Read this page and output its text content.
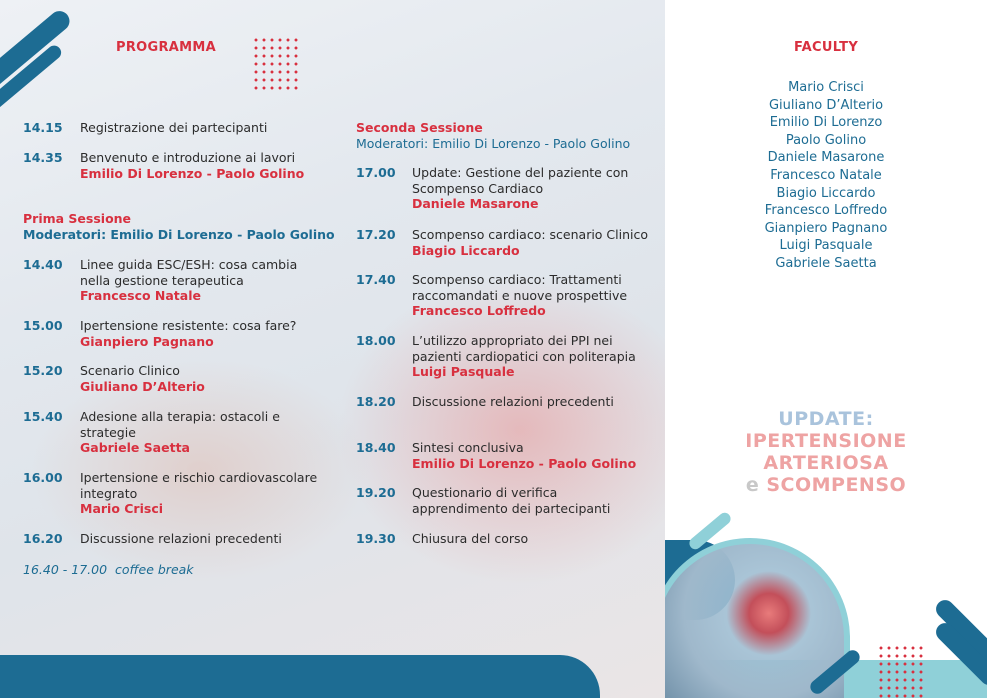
PROGRAMMA
14.15 Registrazione dei partecipanti
14.35 Benvenuto e introduzione ai lavori
Emilio Di Lorenzo - Paolo Golino
Prima Sessione
Moderatori: Emilio Di Lorenzo - Paolo Golino
14.40 Linee guida ESC/ESH: cosa cambia
nella gestione terapeutica
Francesco Natale
15.00 Ipertensione resistente: cosa fare?
Gianpiero Pagnano
15.20 Scenario Clinico
Giuliano D’Alterio
15.40 Adesione alla terapia: ostacoli e
strategie
Gabriele Saetta
16.00 Ipertensione e rischio cardiovascolare
integrato
Mario Crisci
16.20 Discussione relazioni precedenti
16.40 - 17.00  coffee break
Seconda Sessione
Moderatori: Emilio Di Lorenzo - Paolo Golino
17.00 Update: Gestione del paziente con
Scompenso Cardiaco
Daniele Masarone
17.20 Scompenso cardiaco: scenario Clinico
Biagio Liccardo
17.40 Scompenso cardiaco: Trattamenti
raccomandati e nuove prospettive
Francesco Loffredo
18.00 L’utilizzo appropriato dei PPI nei
pazienti cardiopatici con politerapia
Luigi Pasquale
18.20 Discussione relazioni precedenti
18.40 Sintesi conclusiva
Emilio Di Lorenzo - Paolo Golino
19.20 Questionario di verifica
apprendimento dei partecipanti
19.30 Chiusura del corso
FACULTY
Mario Crisci
Giuliano D’Alterio
Emilio Di Lorenzo
Paolo Golino
Daniele Masarone
Francesco Natale
Biagio Liccardo
Francesco Loffredo
Gianpiero Pagnano
Luigi Pasquale
Gabriele Saetta
UPDATE:
IPERTENSIONE
ARTERIOSA
e SCOMPENSO
